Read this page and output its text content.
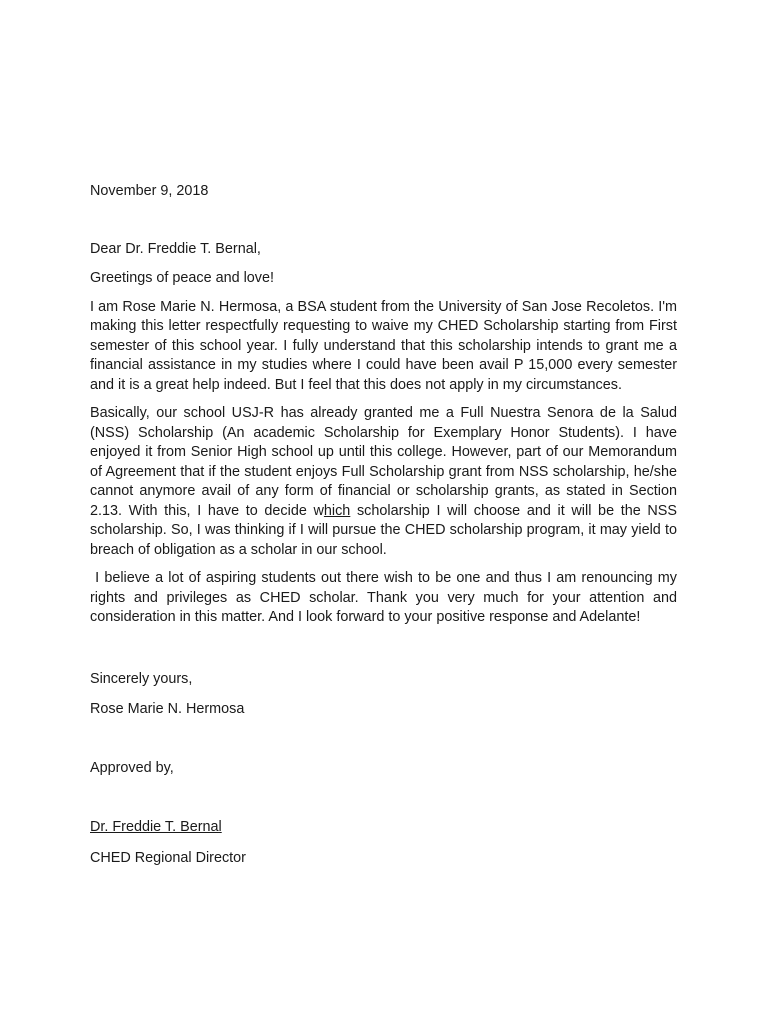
November 9, 2018

Dear Dr. Freddie T. Bernal,

Greetings of peace and love!

I am Rose Marie N. Hermosa, a BSA student from the University of San Jose Recoletos. I'm making this letter respectfully requesting to waive my CHED Scholarship starting from First semester of this school year. I fully understand that this scholarship intends to grant me a financial assistance in my studies where I could have been avail P 15,000 every semester and it is a great help indeed. But I feel that this does not apply in my circumstances.

Basically, our school USJ-R has already granted me a Full Nuestra Senora de la Salud (NSS) Scholarship (An academic Scholarship for Exemplary Honor Students). I have enjoyed it from Senior High school up until this college. However, part of our Memorandum of Agreement that if the student enjoys Full Scholarship grant from NSS scholarship, he/she cannot anymore avail of any form of financial or scholarship grants, as stated in Section 2.13. With this, I have to decide which scholarship I will choose and it will be the NSS scholarship. So, I was thinking if I will pursue the CHED scholarship program, it may yield to breach of obligation as a scholar in our school.

I believe a lot of aspiring students out there wish to be one and thus I am renouncing my rights and privileges as CHED scholar. Thank you very much for your attention and consideration in this matter. And I look forward to your positive response and Adelante!

Sincerely yours,

Rose Marie N. Hermosa

Approved by,

Dr. Freddie T. Bernal

CHED Regional Director
